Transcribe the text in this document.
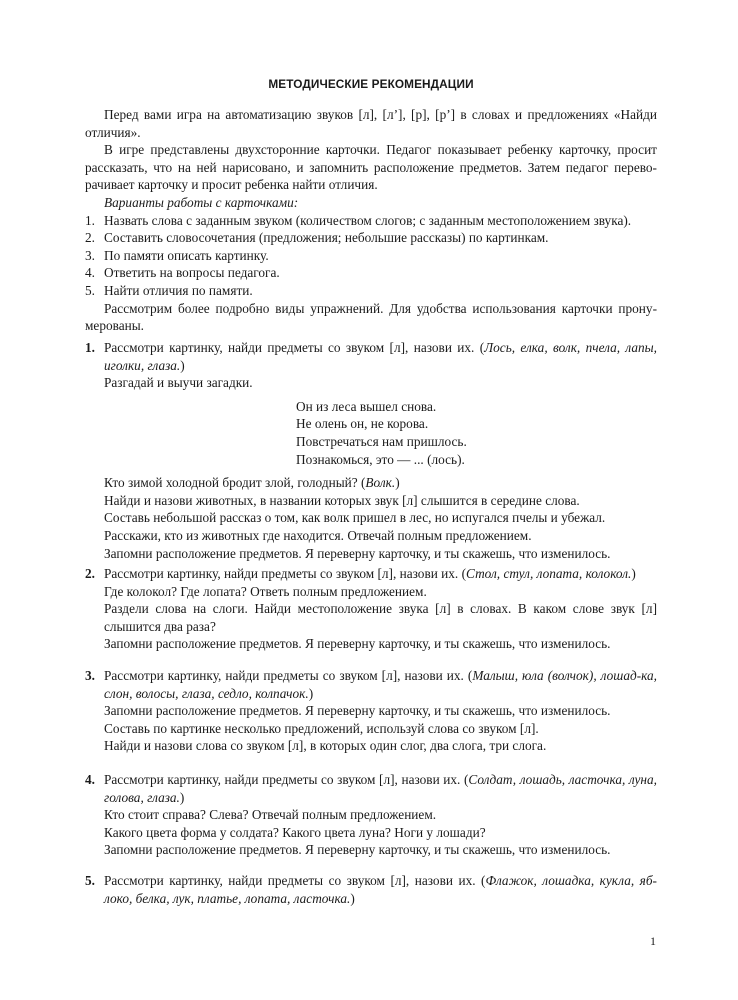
МЕТОДИЧЕСКИЕ РЕКОМЕНДАЦИИ

Перед вами игра на автоматизацию звуков [л], [л’], [р], [р’] в словах и предложениях «Найди отличия».

В игре представлены двухсторонние карточки. Педагог показывает ребенку карточку, просит рассказать, что на ней нарисовано, и запомнить расположение предметов. Затем педагог перево-рачивает карточку и просит ребенка найти отличия.

Варианты работы с карточками:

1. Назвать слова с заданным звуком (количеством слогов; с заданным местоположением звука).
2. Составить словосочетания (предложения; небольшие рассказы) по картинкам.
3. По памяти описать картинку.
4. Ответить на вопросы педагога.
5. Найти отличия по памяти.

Рассмотрим более подробно виды упражнений. Для удобства использования карточки прону-мерованы.

1. Рассмотри картинку, найди предметы со звуком [л], назови их. (Лось, елка, волк, пчела, лапы, иголки, глаза.)

Разгадай и выучи загадки.

Он из леса вышел снова.
Не олень он, не корова.
Повстречаться нам пришлось.
Познакомься, это — ... (лось).

Кто зимой холодной бродит злой, голодный? (Волк.)

Найди и назови животных, в названии которых звук [л] слышится в середине слова.

Составь небольшой рассказ о том, как волк пришел в лес, но испугался пчелы и убежал.

Расскажи, кто из животных где находится. Отвечай полным предложением.

Запомни расположение предметов. Я переверну карточку, и ты скажешь, что изменилось.

2. Рассмотри картинку, найди предметы со звуком [л], назови их. (Стол, стул, лопата, колокол.)

Где колокол? Где лопата? Ответь полным предложением.

Раздели слова на слоги. Найди местоположение звука [л] в словах. В каком слове звук [л] слышится два раза?

Запомни расположение предметов. Я переверну карточку, и ты скажешь, что изменилось.

3. Рассмотри картинку, найди предметы со звуком [л], назови их. (Малыш, юла (волчок), лошад-ка, слон, волосы, глаза, седло, колпачок.)

Запомни расположение предметов. Я переверну карточку, и ты скажешь, что изменилось.

Составь по картинке несколько предложений, используй слова со звуком [л].

Найди и назови слова со звуком [л], в которых один слог, два слога, три слога.

4. Рассмотри картинку, найди предметы со звуком [л], назови их. (Солдат, лошадь, ласточка, луна, голова, глаза.)

Кто стоит справа? Слева? Отвечай полным предложением.

Какого цвета форма у солдата? Какого цвета луна? Ноги у лошади?

Запомни расположение предметов. Я переверну карточку, и ты скажешь, что изменилось.

5. Рассмотри картинку, найди предметы со звуком [л], назови их. (Флажок, лошадка, кукла, яб-локо, белка, лук, платье, лопата, ласточка.)

1
